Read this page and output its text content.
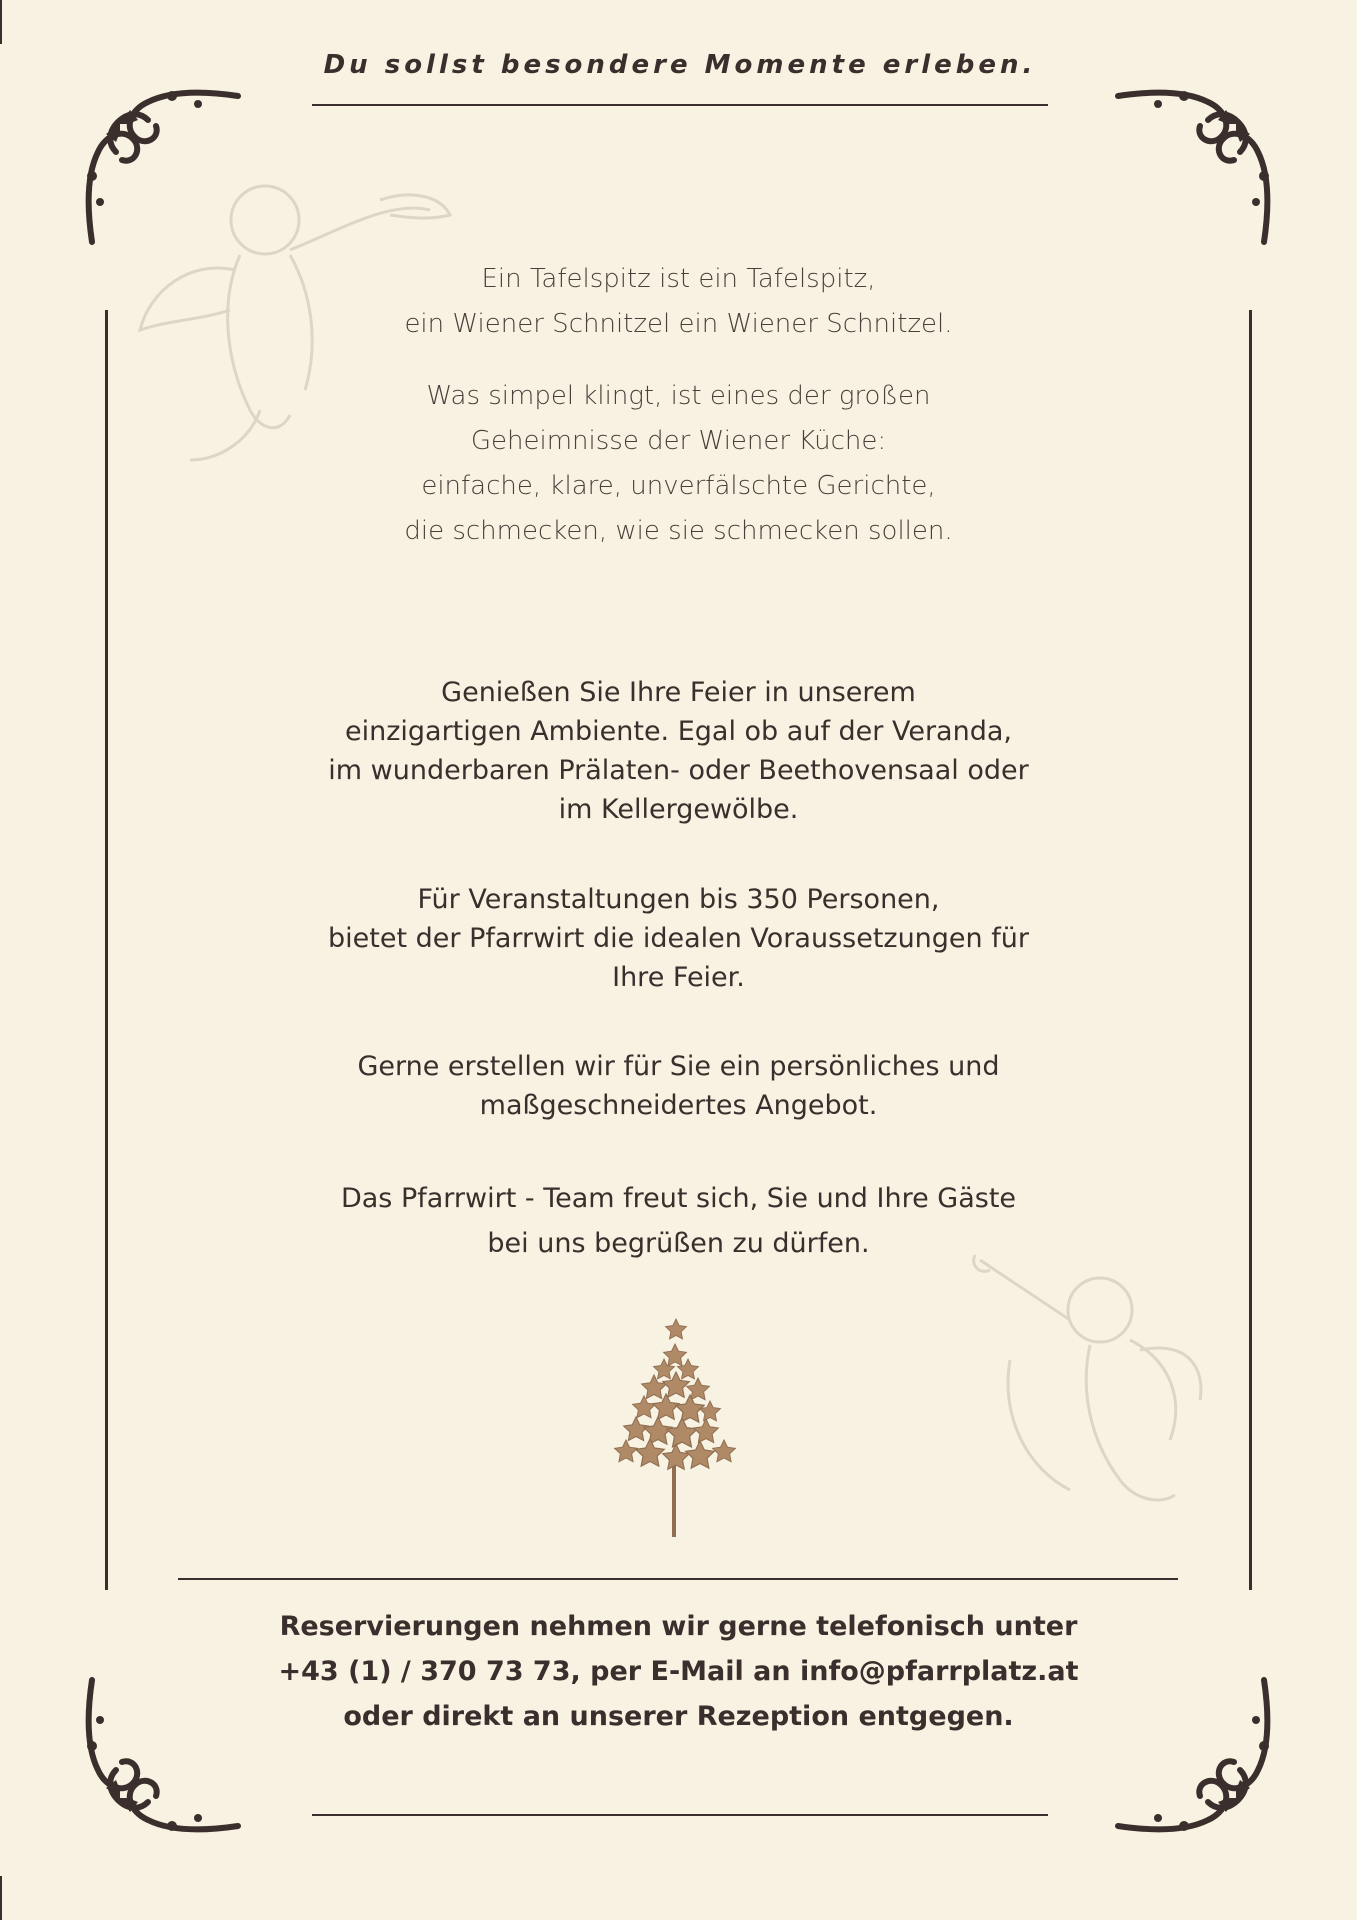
Du sollst besondere Momente erleben.
Ein Tafelspitz ist ein Tafelspitz,
ein Wiener Schnitzel ein Wiener Schnitzel.
Was simpel klingt, ist eines der großen
Geheimnisse der Wiener Küche:
einfache, klare, unverfälschte Gerichte,
die schmecken, wie sie schmecken sollen.
Genießen Sie Ihre Feier in unserem
einzigartigen Ambiente. Egal ob auf der Veranda,
im wunderbaren Prälaten- oder Beethovensaal oder
im Kellergewölbe.
Für Veranstaltungen bis 350 Personen,
bietet der Pfarrwirt die idealen Voraussetzungen für
Ihre Feier.
Gerne erstellen wir für Sie ein persönliches und
maßgeschneidertes Angebot.
Das Pfarrwirt - Team freut sich, Sie und Ihre Gäste
bei uns begrüßen zu dürfen.
Reservierungen nehmen wir gerne telefonisch unter
+43 (1) / 370 73 73, per E-Mail an info@pfarrplatz.at
oder direkt an unserer Rezeption entgegen.
